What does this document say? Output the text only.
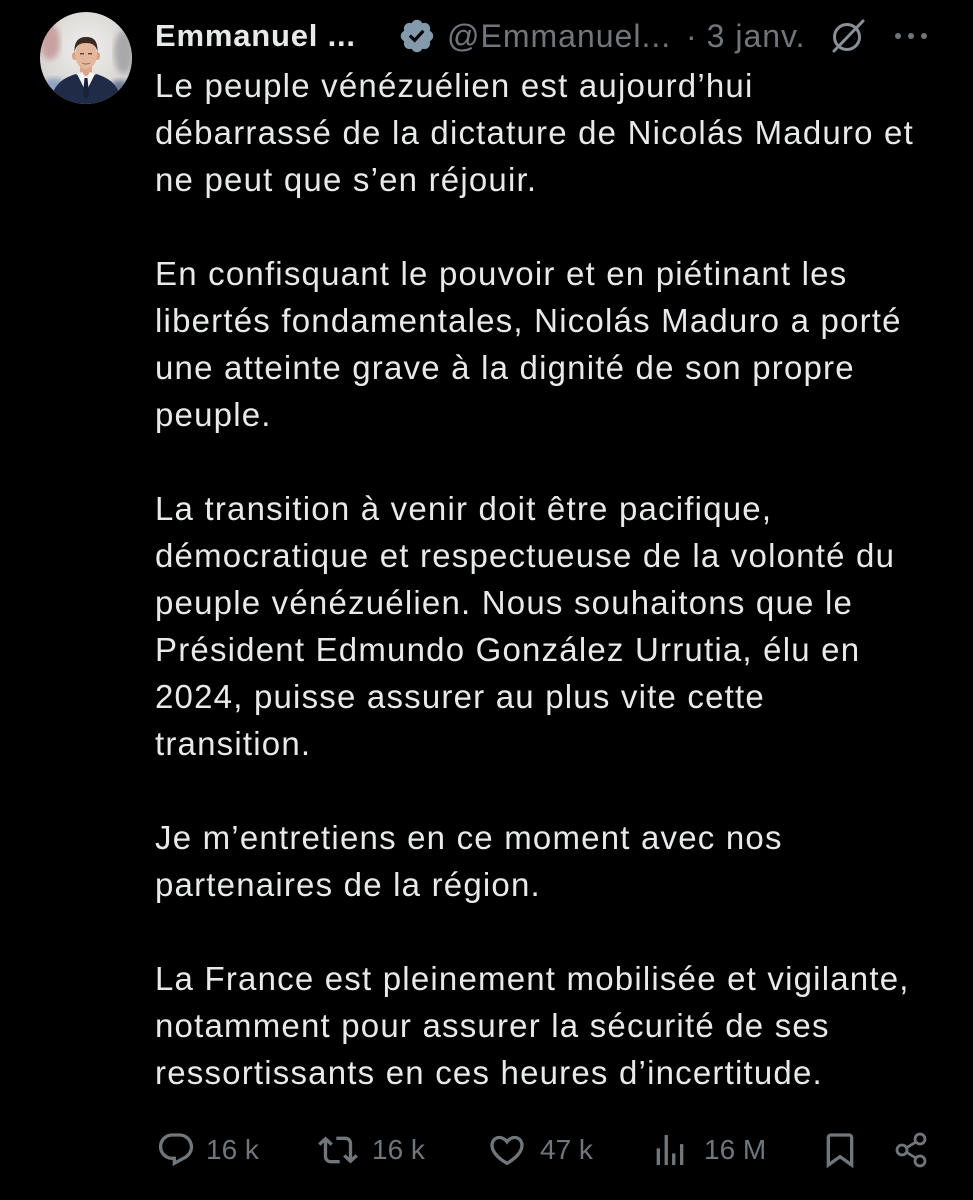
Emmanuel ...	@Emmanuel... · 3 janv.
Le peuple vénézuélien est aujourd’hui
débarrassé de la dictature de Nicolás Maduro et
ne peut que s’en réjouir.
En confisquant le pouvoir et en piétinant les
libertés fondamentales, Nicolás Maduro a porté
une atteinte grave à la dignité de son propre
peuple.
La transition à venir doit être pacifique,
démocratique et respectueuse de la volonté du
peuple vénézuélien. Nous souhaitons que le
Président Edmundo González Urrutia, élu en
2024, puisse assurer au plus vite cette
transition.
Je m’entretiens en ce moment avec nos
partenaires de la région.
La France est pleinement mobilisée et vigilante,
notamment pour assurer la sécurité de ses
ressortissants en ces heures d’incertitude.
16 k	16 k	47 k	16 M
